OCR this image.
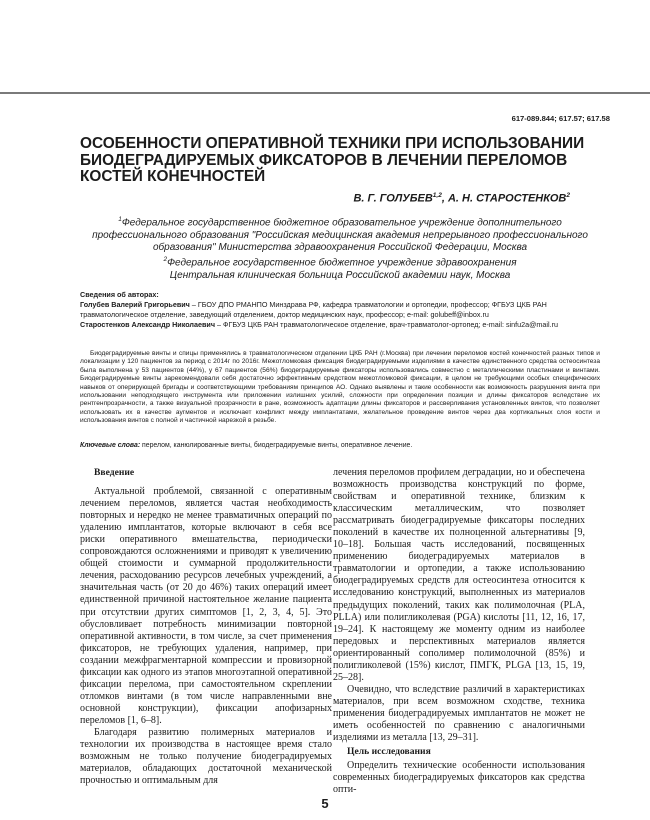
617-089.844; 617.57; 617.58
ОСОБЕННОСТИ ОПЕРАТИВНОЙ ТЕХНИКИ ПРИ ИСПОЛЬЗОВАНИИ БИОДЕГРАДИРУЕМЫХ ФИКСАТОРОВ В ЛЕЧЕНИИ ПЕРЕЛОМОВ КОСТЕЙ КОНЕЧНОСТЕЙ
В. Г. ГОЛУБЕВ$^{1,2}$, А. Н. СТАРОСТЕНКОВ$^2$
$^1$Федеральное государственное бюджетное образовательное учреждение дополнительного профессионального образования "Российская медицинская академия непрерывного профессионального образования" Министерства здравоохранения Российской Федерации, Москва
$^2$Федеральное государственное бюджетное учреждение здравоохранения
Центральная клиническая больница Российской академии наук, Москва

Сведения об авторах:

Голубев Валерий Григорьевич – ГБОУ ДПО РМАНПО Минздрава РФ, кафедра травматологии и ортопедии, профессор; ФГБУЗ ЦКБ РАН травматологическое отделение, заведующий отделением, доктор медицинских наук, профессор; e-mail: golubeff@inbox.ru

Старостенков Александр Николаевич – ФГБУЗ ЦКБ РАН травматологическое отделение, врач-травматолог-ортопед; e-mail: sinfu2a@mail.ru

Биодеградируемые винты и спицы применялись в травматологическом отделении ЦКБ РАН (г.Москва) при лечении переломов костей конечностей разных типов и локализации у 120 пациентов за период с 2014г по 2016г. Межотломковая фиксация биодеградируемыми изделиями в качестве единственного средства остеосинтеза была выполнена у 53 пациентов (44%), у 67 пациентов (56%) биодеградируемые фиксаторы использовались совместно с металлическими пластинами и винтами. Биодеградируемые винты зарекомендовали себя достаточно эффективным средством межотломковой фиксации, в целом не требующими особых специфических навыков от оперирующей бригады и соответствующими требованиям принципов АО. Однако выявлены и такие особенности как возможность разрушения винта при использовании неподходящего инструмента или приложении излишних усилий, сложности при определении позиции и длины фиксаторов вследствие их рентгенпрозрачности, а также визуальной прозрачности в ране, возможность адаптации длины фиксаторов и рассверливания установленных винтов, что позволяет использовать их в качестве аугментов и исключает конфликт между имплантатами, желательное проведение винтов через два кортикальных слоя кости и использования винтов с полной и частичной нарезкой в резьбе.

Ключевые слова: перелом, канюлированные винты, биодеградируемые винты, оперативное лечение.

Введение

Актуальной проблемой, связанной с оперативным лечением переломов, является частая необходимость повторных и нередко не менее травматичных операций по удалению имплантатов, которые включают в себя все риски оперативного вмешательства, периодически сопровождаются осложнениями и приводят к увеличению общей стоимости и суммарной продолжительности лечения, расходованию ресурсов лечебных учреждений, а значительная часть (от 20 до 46%) таких операций имеет единственной причиной настоятельное желание пациента при отсутствии других симптомов [1, 2, 3, 4, 5]. Это обусловливает потребность минимизации повторной оперативной активности, в том числе, за счет применения фиксаторов, не требующих удаления, например, при создании межфрагментарной компрессии и провизорной фиксации как одного из этапов многоэтапной оперативной фиксации перелома, при самостоятельном скреплении отломков винтами (в том числе направленными вне основной конструкции), фиксации апофизарных переломов [1, 6–8].

Благодаря развитию полимерных материалов и технологии их производства в настоящее время стало возможным не только получение биодеградируемых материалов, обладающих достаточной механической прочностью и оптимальным для

лечения переломов профилем деградации, но и обеспечена возможность производства конструкций по форме, свойствам и оперативной технике, близким к классическим металлическим, что позволяет рассматривать биодеградируемые фиксаторы последних поколений в качестве их полноценной альтернативы [9, 10–18]. Большая часть исследований, посвященных применению биодеградируемых материалов в травматологии и ортопедии, а также использованию биодеградируемых средств для остеосинтеза относится к исследованию конструкций, выполненных из материалов предыдущих поколений, таких как полимолочная (PLA, PLLA) или полигликолевая (PGA) кислоты [11, 12, 16, 17, 19–24]. К настоящему же моменту одним из наиболее передовых и перспективных материалов является ориентированный сополимер полимолочной (85%) и полигликолевой (15%) кислот, ПМГК, PLGA [13, 15, 19, 25–28].

Очевидно, что вследствие различий в характеристиках материалов, при всем возможном сходстве, техника применения биодеградируемых имплантатов не может не иметь особенностей по сравнению с аналогичными изделиями из металла [13, 29–31].

Цель исследования

Определить технические особенности использования современных биодеградируемых фиксаторов как средства опти-

5
